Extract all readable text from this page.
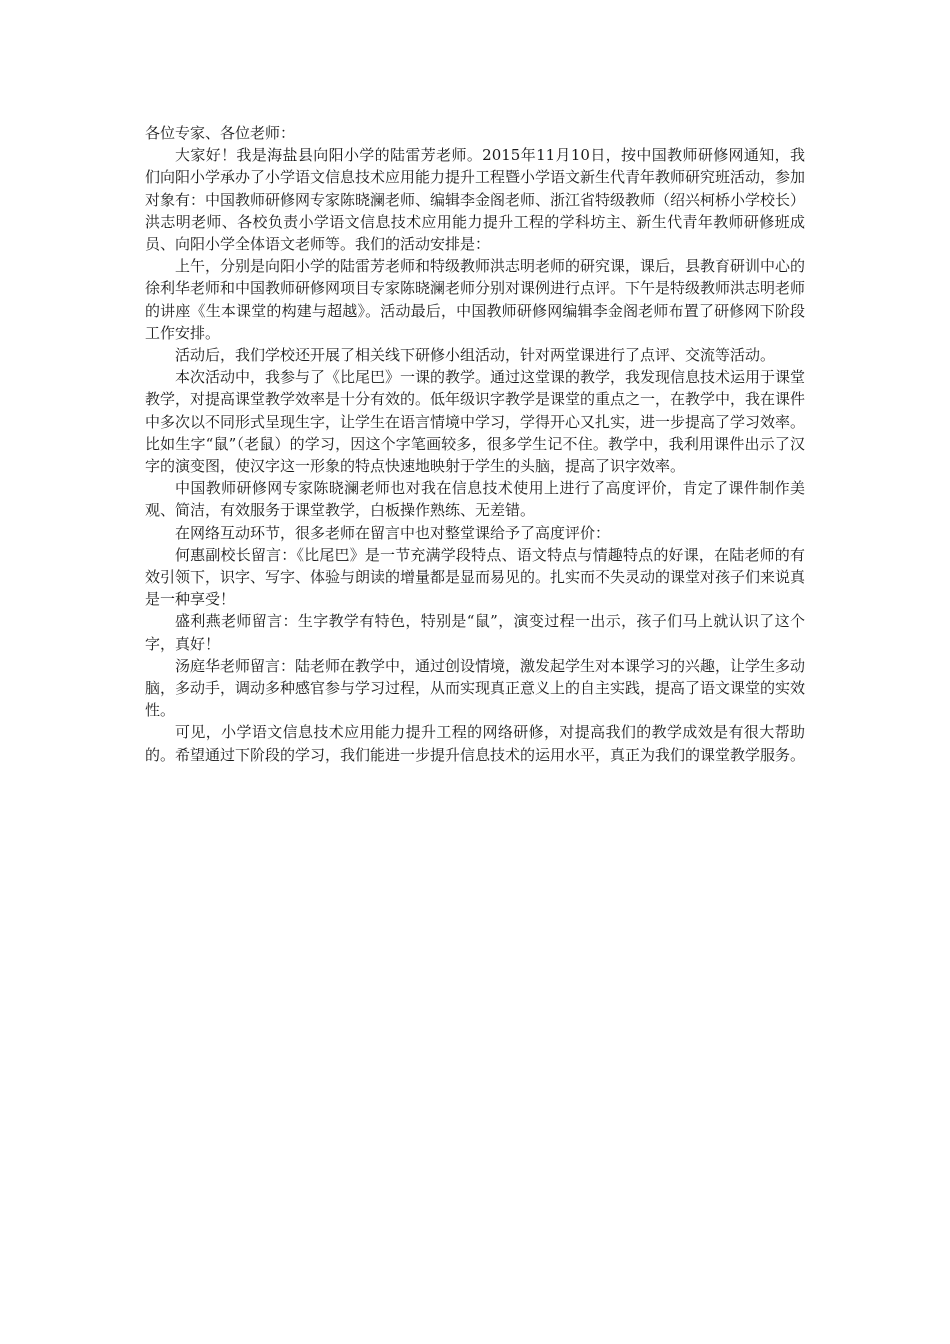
各位专家、各位老师：

大家好！我是海盐县向阳小学的陆雷芳老师。2015年11月10日，按中国教师研修网通知，我们向阳小学承办了小学语文信息技术应用能力提升工程暨小学语文新生代青年教师研究班活动，参加对象有：中国教师研修网专家陈晓澜老师、编辑李金阁老师、浙江省特级教师（绍兴柯桥小学校长）洪志明老师、各校负责小学语文信息技术应用能力提升工程的学科坊主、新生代青年教师研修班成员、向阳小学全体语文老师等。我们的活动安排是：

上午，分别是向阳小学的陆雷芳老师和特级教师洪志明老师的研究课，课后，县教育研训中心的徐利华老师和中国教师研修网项目专家陈晓澜老师分别对课例进行点评。下午是特级教师洪志明老师的讲座《生本课堂的构建与超越》。活动最后，中国教师研修网编辑李金阁老师布置了研修网下阶段工作安排。

活动后，我们学校还开展了相关线下研修小组活动，针对两堂课进行了点评、交流等活动。

本次活动中，我参与了《比尾巴》一课的教学。通过这堂课的教学，我发现信息技术运用于课堂教学，对提高课堂教学效率是十分有效的。低年级识字教学是课堂的重点之一，在教学中，我在课件中多次以不同形式呈现生字，让学生在语言情境中学习，学得开心又扎实，进一步提高了学习效率。比如生字“鼠”（老鼠）的学习，因这个字笔画较多，很多学生记不住。教学中，我利用课件出示了汉字的演变图，使汉字这一形象的特点快速地映射于学生的头脑，提高了识字效率。

中国教师研修网专家陈晓澜老师也对我在信息技术使用上进行了高度评价，肯定了课件制作美观、简洁，有效服务于课堂教学，白板操作熟练、无差错。

在网络互动环节，很多老师在留言中也对整堂课给予了高度评价：

何惠副校长留言：《比尾巴》是一节充满学段特点、语文特点与情趣特点的好课，在陆老师的有效引领下，识字、写字、体验与朗读的增量都是显而易见的。扎实而不失灵动的课堂对孩子们来说真是一种享受！

盛利燕老师留言：生字教学有特色，特别是“鼠”，演变过程一出示，孩子们马上就认识了这个字，真好！

汤庭华老师留言：陆老师在教学中，通过创设情境，激发起学生对本课学习的兴趣，让学生多动脑，多动手，调动多种感官参与学习过程，从而实现真正意义上的自主实践，提高了语文课堂的实效性。

可见，小学语文信息技术应用能力提升工程的网络研修，对提高我们的教学成效是有很大帮助的。希望通过下阶段的学习，我们能进一步提升信息技术的运用水平，真正为我们的课堂教学服务。
